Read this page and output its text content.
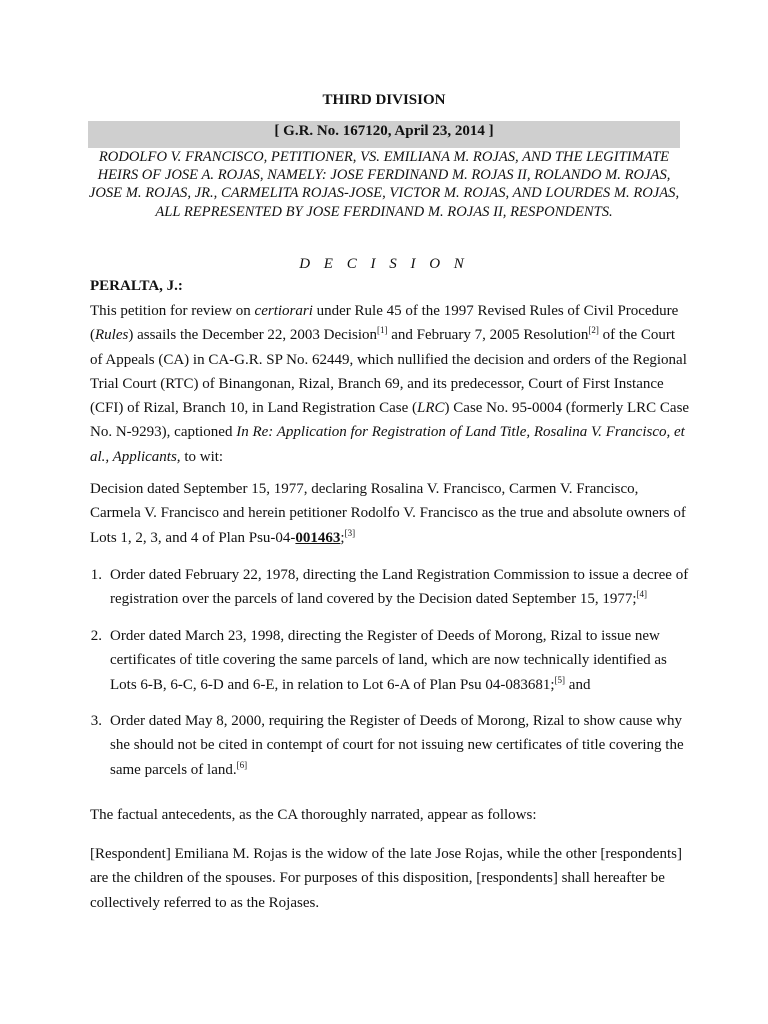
THIRD DIVISION
[ G.R. No. 167120, April 23, 2014 ]
RODOLFO V. FRANCISCO, PETITIONER, VS. EMILIANA M. ROJAS, AND THE LEGITIMATE HEIRS OF JOSE A. ROJAS, NAMELY: JOSE FERDINAND M. ROJAS II, ROLANDO M. ROJAS, JOSE M. ROJAS, JR., CARMELITA ROJAS-JOSE, VICTOR M. ROJAS, AND LOURDES M. ROJAS, ALL REPRESENTED BY JOSE FERDINAND M. ROJAS II, RESPONDENTS.
D E C I S I O N
PERALTA, J.:
This petition for review on certiorari under Rule 45 of the 1997 Revised Rules of Civil Procedure (Rules) assails the December 22, 2003 Decision[1] and February 7, 2005 Resolution[2] of the Court of Appeals (CA) in CA-G.R. SP No. 62449, which nullified the decision and orders of the Regional Trial Court (RTC) of Binangonan, Rizal, Branch 69, and its predecessor, Court of First Instance (CFI) of Rizal, Branch 10, in Land Registration Case (LRC) Case No. 95-0004 (formerly LRC Case No. N-9293), captioned In Re: Application for Registration of Land Title, Rosalina V. Francisco, et al., Applicants, to wit:
Decision dated September 15, 1977, declaring Rosalina V. Francisco, Carmen V. Francisco, Carmela V. Francisco and herein petitioner Rodolfo V. Francisco as the true and absolute owners of Lots 1, 2, 3, and 4 of Plan Psu-04-001463;[3]
1. Order dated February 22, 1978, directing the Land Registration Commission to issue a decree of registration over the parcels of land covered by the Decision dated September 15, 1977;[4]
2. Order dated March 23, 1998, directing the Register of Deeds of Morong, Rizal to issue new certificates of title covering the same parcels of land, which are now technically identified as Lots 6-B, 6-C, 6-D and 6-E, in relation to Lot 6-A of Plan Psu 04-083681;[5] and
3. Order dated May 8, 2000, requiring the Register of Deeds of Morong, Rizal to show cause why she should not be cited in contempt of court for not issuing new certificates of title covering the same parcels of land.[6]
The factual antecedents, as the CA thoroughly narrated, appear as follows:
[Respondent] Emiliana M. Rojas is the widow of the late Jose Rojas, while the other [respondents] are the children of the spouses. For purposes of this disposition, [respondents] shall hereafter be collectively referred to as the Rojases.
